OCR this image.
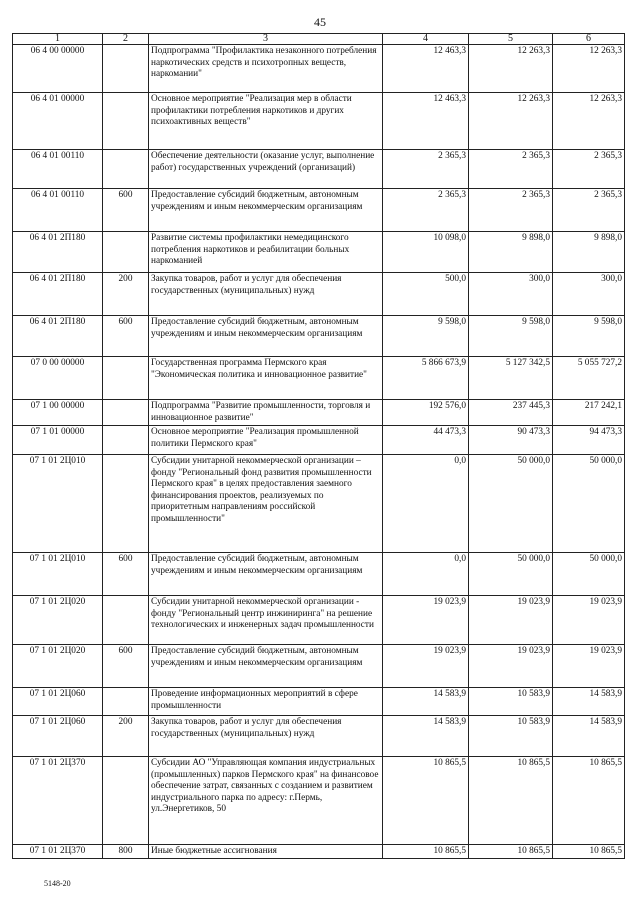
45
1	2	3	4	5	6
06 4 00 00000		Подпрограмма "Профилактика незаконного потребления наркотических средств и психотропных веществ, наркомании"	12 463,3	12 263,3	12 263,3
06 4 01 00000		Основное мероприятие "Реализация мер в области профилактики потребления наркотиков и других психоактивных веществ"	12 463,3	12 263,3	12 263,3
06 4 01 00110		Обеспечение деятельности (оказание услуг, выполнение работ) государственных учреждений (организаций)	2 365,3	2 365,3	2 365,3
06 4 01 00110	600	Предоставление субсидий бюджетным, автономным учреждениям и иным некоммерческим организациям	2 365,3	2 365,3	2 365,3
06 4 01 2П180		Развитие системы профилактики немедицинского потребления наркотиков и реабилитации больных наркоманией	10 098,0	9 898,0	9 898,0
06 4 01 2П180	200	Закупка товаров, работ и услуг для обеспечения государственных (муниципальных) нужд	500,0	300,0	300,0
06 4 01 2П180	600	Предоставление субсидий бюджетным, автономным учреждениям и иным некоммерческим организациям	9 598,0	9 598,0	9 598,0
07 0 00 00000		Государственная программа Пермского края "Экономическая политика и инновационное развитие"	5 866 673,9	5 127 342,5	5 055 727,2
07 1 00 00000		Подпрограмма "Развитие промышленности, торговля и инновационное развитие"	192 576,0	237 445,3	217 242,1
07 1 01 00000		Основное мероприятие "Реализация промышленной политики Пермского края"	44 473,3	90 473,3	94 473,3
07 1 01 2Ц010		Субсидии унитарной некоммерческой организации – фонду "Региональный фонд развития промышленности Пермского края" в целях предоставления заемного финансирования проектов, реализуемых по приоритетным направлениям российской промышленности"	0,0	50 000,0	50 000,0
07 1 01 2Ц010	600	Предоставление субсидий бюджетным, автономным учреждениям и иным некоммерческим организациям	0,0	50 000,0	50 000,0
07 1 01 2Ц020		Субсидии унитарной некоммерческой организации - фонду "Региональный центр инжиниринга" на решение технологических и инженерных задач промышленности	19 023,9	19 023,9	19 023,9
07 1 01 2Ц020	600	Предоставление субсидий бюджетным, автономным учреждениям и иным некоммерческим организациям	19 023,9	19 023,9	19 023,9
07 1 01 2Ц060		Проведение информационных мероприятий в сфере промышленности	14 583,9	10 583,9	14 583,9
07 1 01 2Ц060	200	Закупка товаров, работ и услуг для обеспечения государственных (муниципальных) нужд	14 583,9	10 583,9	14 583,9
07 1 01 2Ц370		Субсидии АО "Управляющая компания индустриальных (промышленных) парков Пермского края" на финансовое обеспечение затрат, связанных с созданием и развитием индустриального парка по адресу: г.Пермь, ул.Энергетиков, 50	10 865,5	10 865,5	10 865,5
07 1 01 2Ц370	800	Иные бюджетные ассигнования	10 865,5	10 865,5	10 865,5
5148-20
